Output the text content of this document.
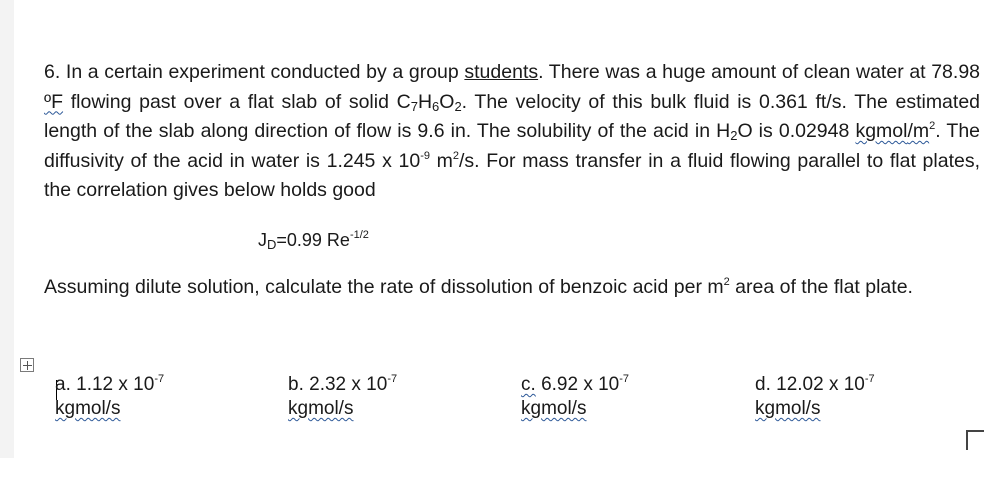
6. In a certain experiment conducted by a group students. There was a huge amount of clean water at 78.98 ºF flowing past over a flat slab of solid $C_7H_6O_2$. The velocity of this bulk fluid is 0.361 ft/s. The estimated length of the slab along direction of flow is 9.6 in. The solubility of the acid in $H_2O$ is 0.02948 kgmol/$m^2$. The diffusivity of the acid in water is 1.245 x $10^{-9}$ $m^2/s$. For mass transfer in a fluid flowing parallel to flat plates, the correlation gives below holds good

$J_D=0.99$ $Re^{-1/2}$

Assuming dilute solution, calculate the rate of dissolution of benzoic acid per $m^2$ area of the flat plate.

a. 1.12 x $10^{-7}$
kgmol/s
b. 2.32 x $10^{-7}$
kgmol/s
c. 6.92 x $10^{-7}$
kgmol/s
d. 12.02 x $10^{-7}$
kgmol/s
